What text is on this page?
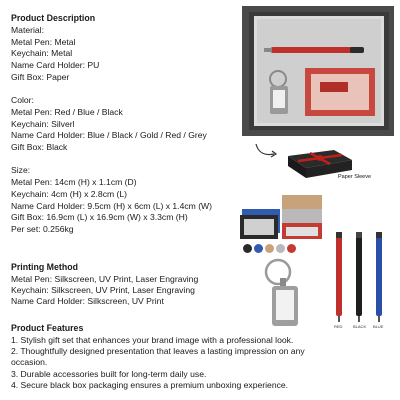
Product Description
Material:
Metal Pen: Metal
Keychain: Metal
Name Card Holder: PU
Gift Box: Paper
Color:
Metal Pen: Red / Blue / Black
Keychain: Silverl
Name Card Holder: Blue / Black / Gold / Red / Grey
Gift Box: Black
Size:
Metal Pen: 14cm (H) x 1.1cm (D)
Keychain: 4cm (H) x 2.8cm (L)
Name Card Holder: 9.5cm (H) x 6cm (L) x 1.4cm (W)
Gift Box: 16.9cm (L) x 16.9cm (W) x 3.3cm (H)
Per set: 0.256kg
Printing Method
Metal Pen: Silkscreen, UV Print, Laser Engraving
Keychain: Silkscreen, UV Print, Laser Engraving
Name Card Holder: Silkscreen, UV Print
Product Features
1. Stylish gift set that enhances your brand image with a professional look.
2. Thoughtfully designed presentation that leaves a lasting impression on any
occasion.
3. Durable accessories built for long-term daily use.
4. Secure black box packaging ensures a premium unboxing experience.
Paper Sleeve
RED	BLACK BLUE
